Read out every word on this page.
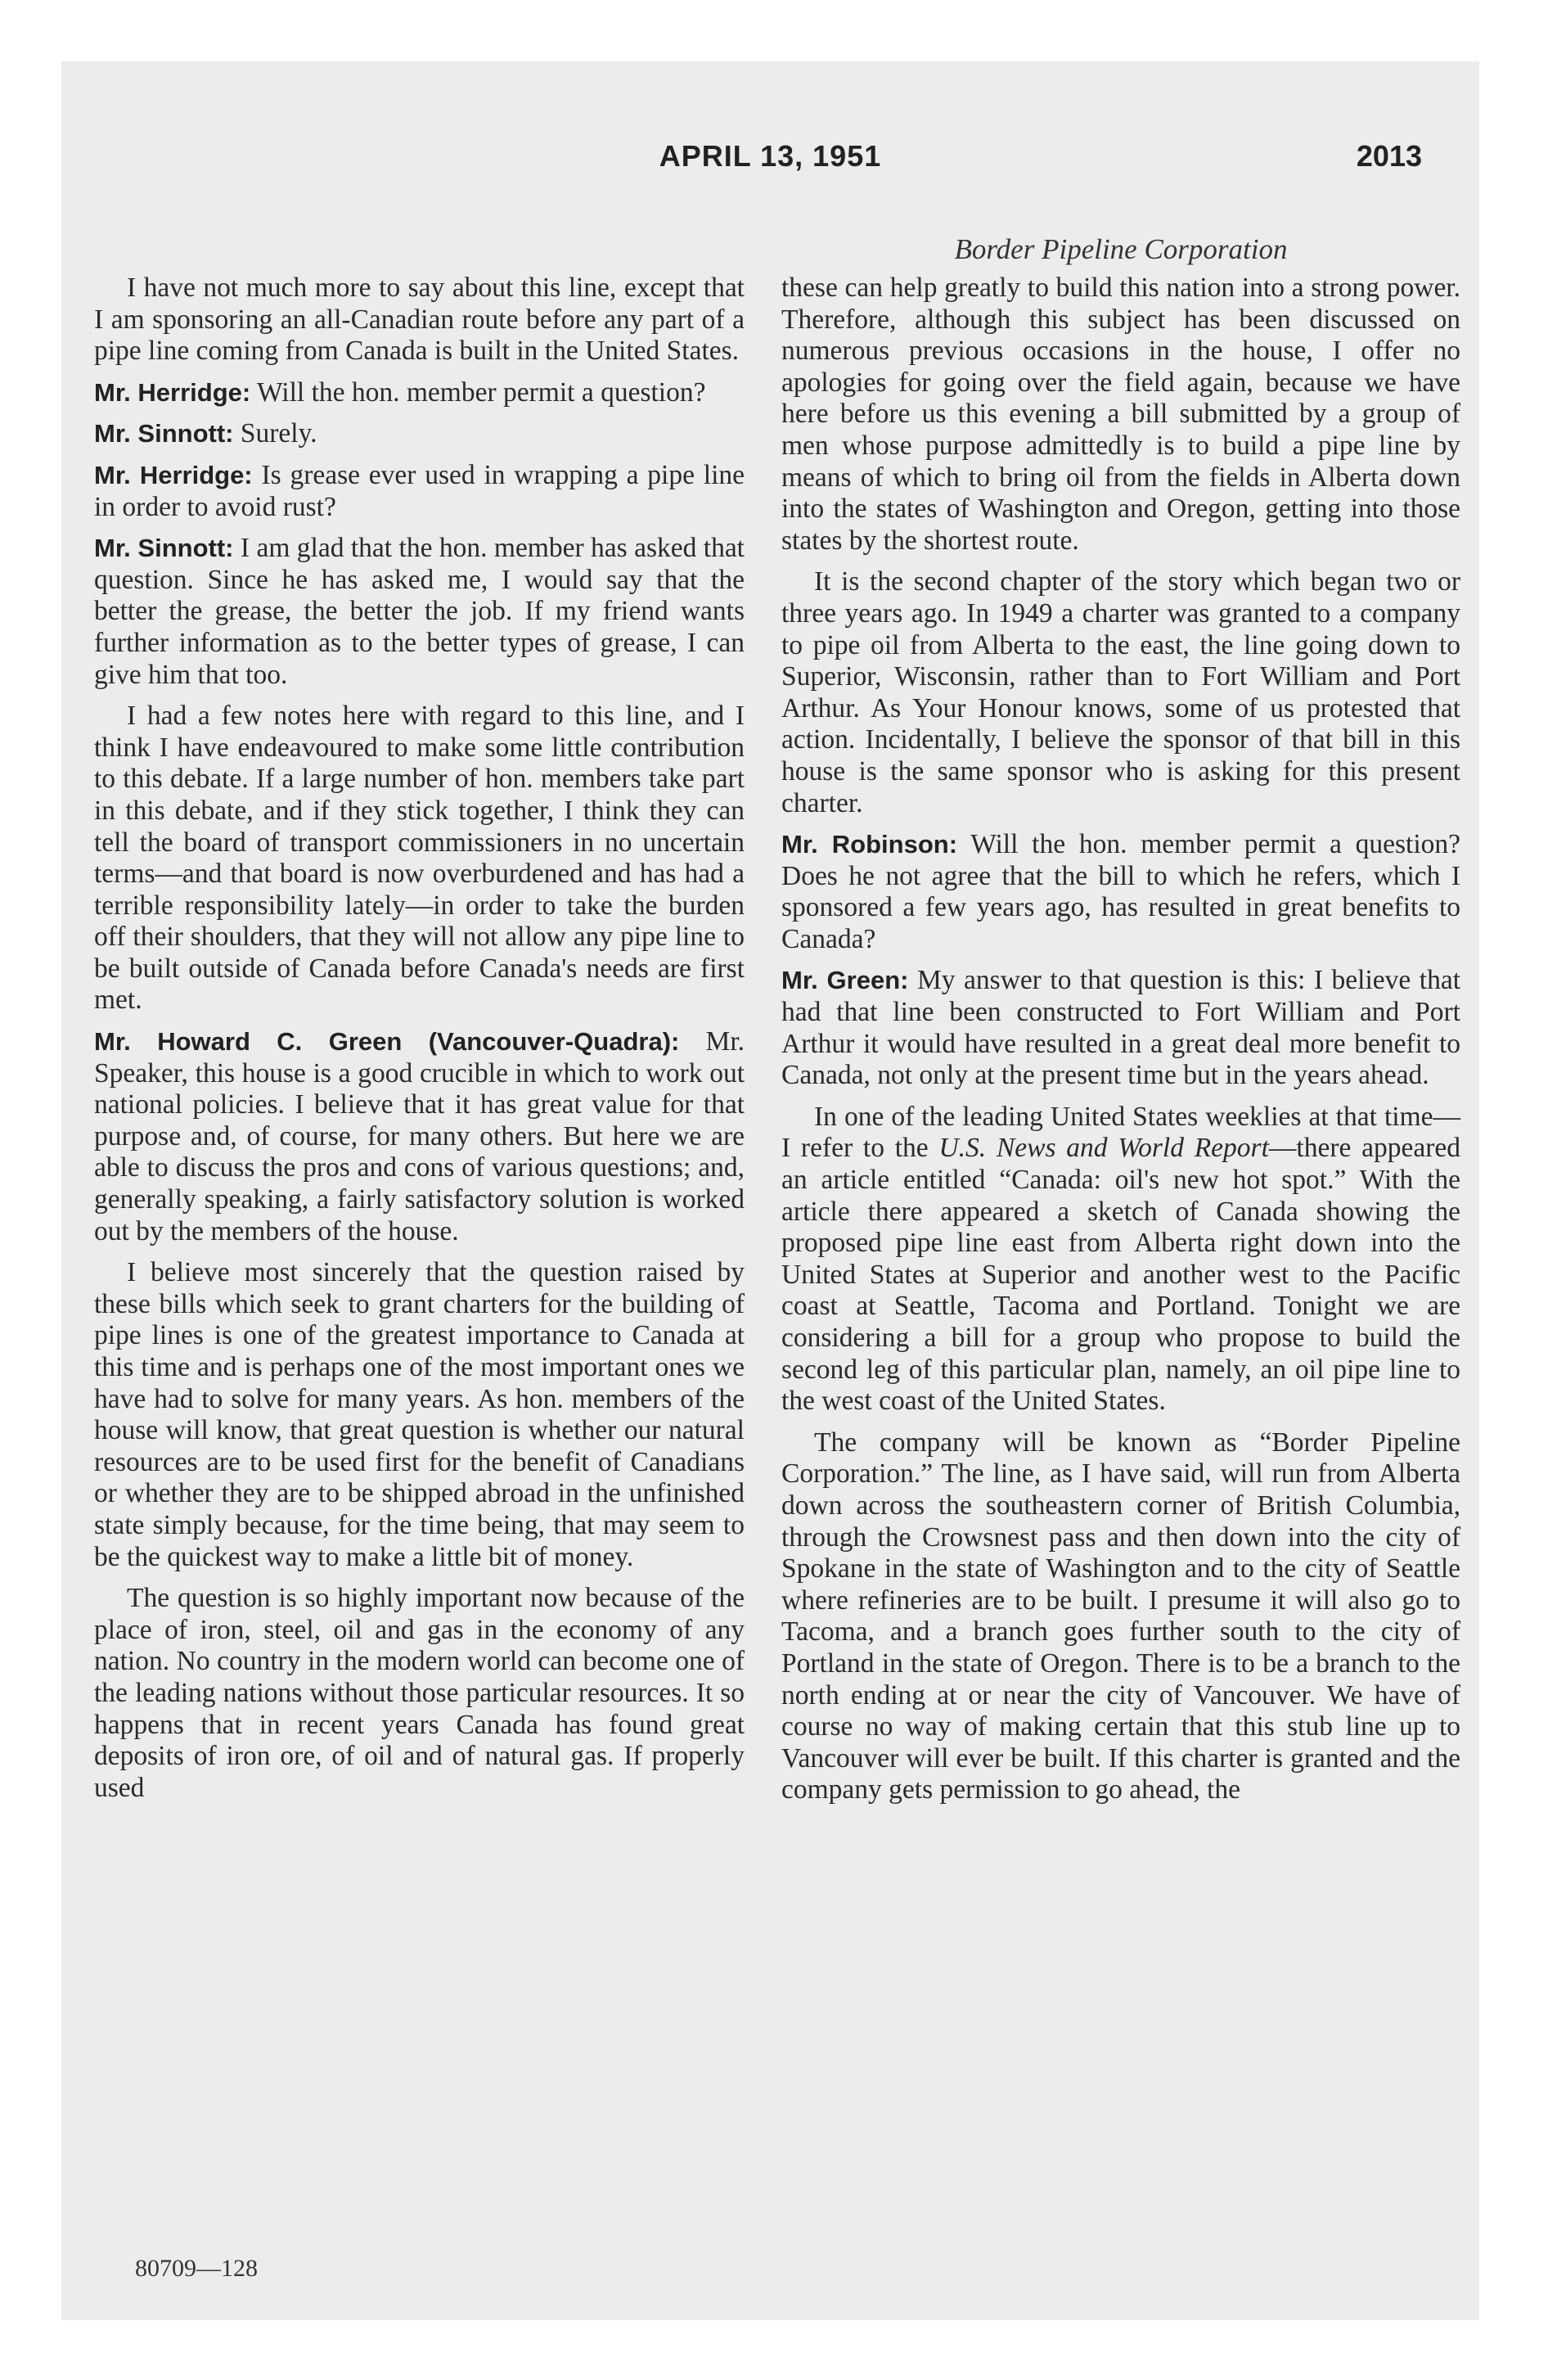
APRIL 13, 1951	2013
Border Pipeline Corporation

I have not much more to say about this line, except that I am sponsoring an all-Canadian route before any part of a pipe line coming from Canada is built in the United States.

Mr. Herridge: Will the hon. member permit a question?

Mr. Sinnott: Surely.

Mr. Herridge: Is grease ever used in wrapping a pipe line in order to avoid rust?

Mr. Sinnott: I am glad that the hon. member has asked that question. Since he has asked me, I would say that the better the grease, the better the job. If my friend wants further information as to the better types of grease, I can give him that too.

I had a few notes here with regard to this line, and I think I have endeavoured to make some little contribution to this debate. If a large number of hon. members take part in this debate, and if they stick together, I think they can tell the board of transport commissioners in no uncertain terms—and that board is now overburdened and has had a terrible responsibility lately—in order to take the burden off their shoulders, that they will not allow any pipe line to be built outside of Canada before Canada's needs are first met.

Mr. Howard C. Green (Vancouver-Quadra): Mr. Speaker, this house is a good crucible in which to work out national policies. I believe that it has great value for that purpose and, of course, for many others. But here we are able to discuss the pros and cons of various questions; and, generally speaking, a fairly satisfactory solution is worked out by the members of the house.

I believe most sincerely that the question raised by these bills which seek to grant charters for the building of pipe lines is one of the greatest importance to Canada at this time and is perhaps one of the most important ones we have had to solve for many years. As hon. members of the house will know, that great question is whether our natural resources are to be used first for the benefit of Canadians or whether they are to be shipped abroad in the unfinished state simply because, for the time being, that may seem to be the quickest way to make a little bit of money.

The question is so highly important now because of the place of iron, steel, oil and gas in the economy of any nation. No country in the modern world can become one of the leading nations without those particular resources. It so happens that in recent years Canada has found great deposits of iron ore, of oil and of natural gas. If properly used

these can help greatly to build this nation into a strong power. Therefore, although this subject has been discussed on numerous previous occasions in the house, I offer no apologies for going over the field again, because we have here before us this evening a bill submitted by a group of men whose purpose admittedly is to build a pipe line by means of which to bring oil from the fields in Alberta down into the states of Washington and Oregon, getting into those states by the shortest route.

It is the second chapter of the story which began two or three years ago. In 1949 a charter was granted to a company to pipe oil from Alberta to the east, the line going down to Superior, Wisconsin, rather than to Fort William and Port Arthur. As Your Honour knows, some of us protested that action. Incidentally, I believe the sponsor of that bill in this house is the same sponsor who is asking for this present charter.

Mr. Robinson: Will the hon. member permit a question? Does he not agree that the bill to which he refers, which I sponsored a few years ago, has resulted in great benefits to Canada?

Mr. Green: My answer to that question is this: I believe that had that line been constructed to Fort William and Port Arthur it would have resulted in a great deal more benefit to Canada, not only at the present time but in the years ahead.

In one of the leading United States weeklies at that time—I refer to the U.S. News and World Report—there appeared an article entitled “Canada: oil's new hot spot.” With the article there appeared a sketch of Canada showing the proposed pipe line east from Alberta right down into the United States at Superior and another west to the Pacific coast at Seattle, Tacoma and Portland. Tonight we are considering a bill for a group who propose to build the second leg of this particular plan, namely, an oil pipe line to the west coast of the United States.

The company will be known as “Border Pipeline Corporation.” The line, as I have said, will run from Alberta down across the southeastern corner of British Columbia, through the Crowsnest pass and then down into the city of Spokane in the state of Washington and to the city of Seattle where refineries are to be built. I presume it will also go to Tacoma, and a branch goes further south to the city of Portland in the state of Oregon. There is to be a branch to the north ending at or near the city of Vancouver. We have of course no way of making certain that this stub line up to Vancouver will ever be built. If this charter is granted and the company gets permission to go ahead, the

80709—128
